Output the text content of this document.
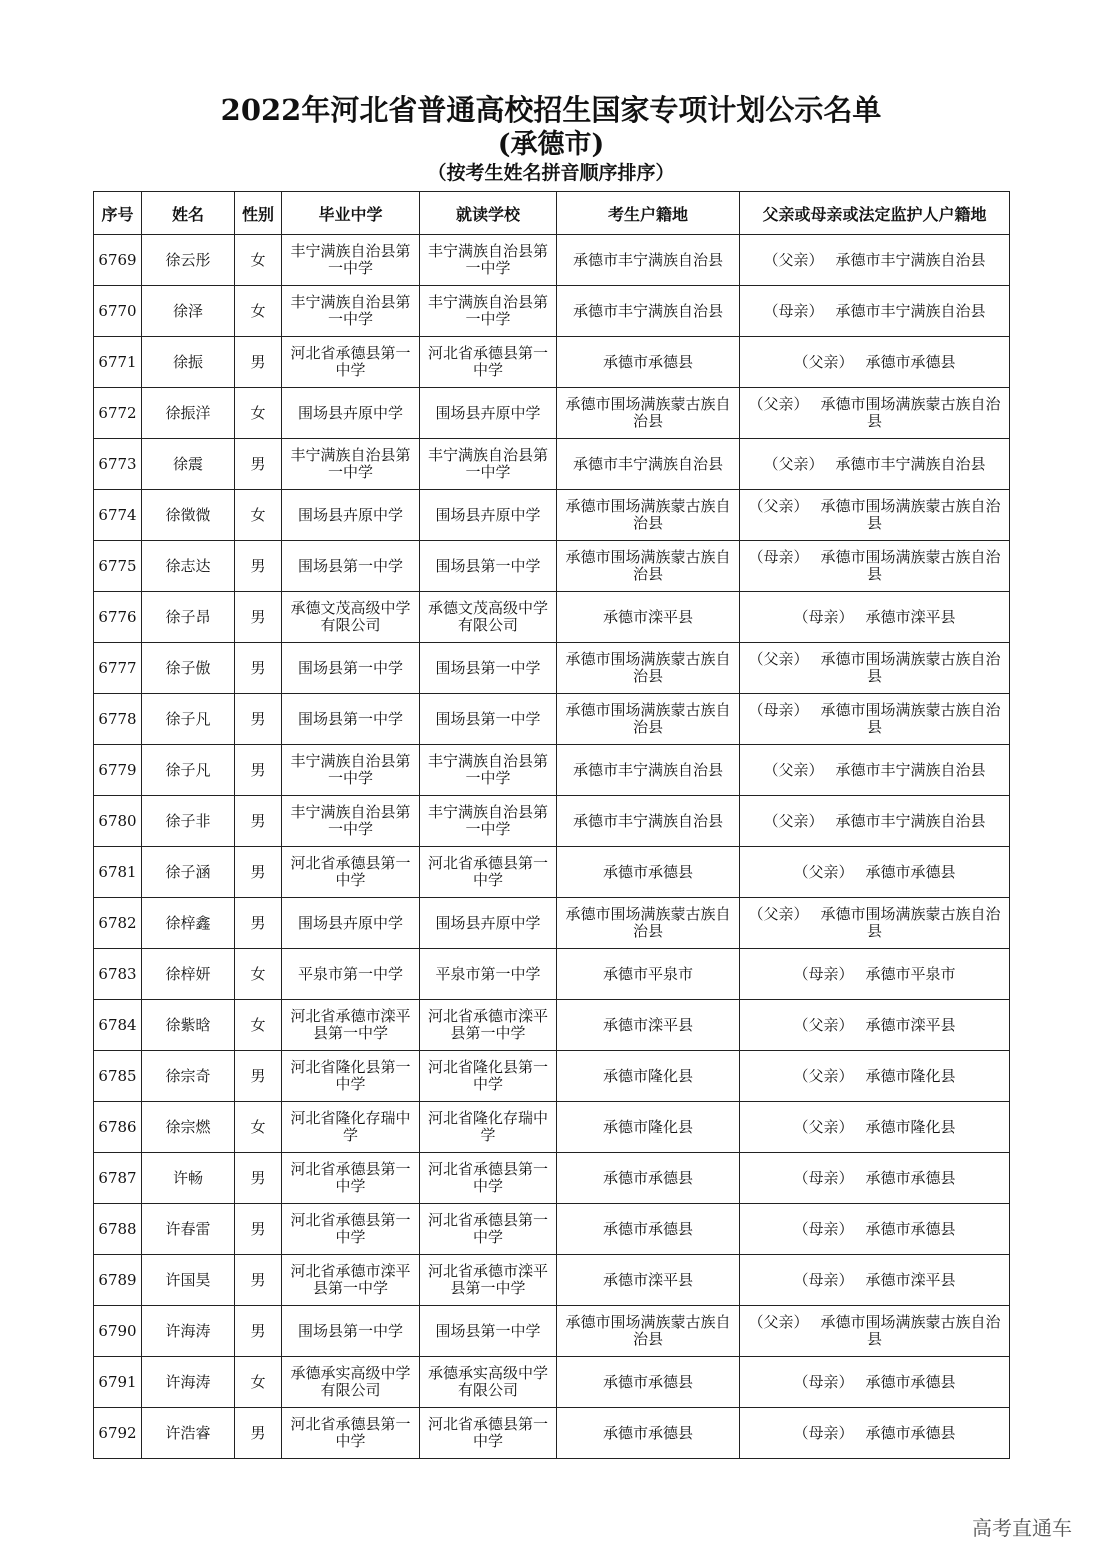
2022年河北省普通高校招生国家专项计划公示名单
(承德市)
（按考生姓名拼音顺序排序）
序号	姓名	性别	毕业中学	就读学校	考生户籍地	父亲或母亲或法定监护人户籍地
6769	徐云彤	女	丰宁满族自治县第一中学	丰宁满族自治县第一中学	承德市丰宁满族自治县	（父亲） 承德市丰宁满族自治县
6770	徐泽	女	丰宁满族自治县第一中学	丰宁满族自治县第一中学	承德市丰宁满族自治县	（母亲） 承德市丰宁满族自治县
6771	徐振	男	河北省承德县第一中学	河北省承德县第一中学	承德市承德县	（父亲） 承德市承德县
6772	徐振洋	女	围场县卉原中学	围场县卉原中学	承德市围场满族蒙古族自治县	（父亲） 承德市围场满族蒙古族自治县
6773	徐震	男	丰宁满族自治县第一中学	丰宁满族自治县第一中学	承德市丰宁满族自治县	（父亲） 承德市丰宁满族自治县
6774	徐徵微	女	围场县卉原中学	围场县卉原中学	承德市围场满族蒙古族自治县	（父亲） 承德市围场满族蒙古族自治县
6775	徐志达	男	围场县第一中学	围场县第一中学	承德市围场满族蒙古族自治县	（母亲） 承德市围场满族蒙古族自治县
6776	徐子昂	男	承德文茂高级中学有限公司	承德文茂高级中学有限公司	承德市滦平县	（母亲） 承德市滦平县
6777	徐子傲	男	围场县第一中学	围场县第一中学	承德市围场满族蒙古族自治县	（父亲） 承德市围场满族蒙古族自治县
6778	徐子凡	男	围场县第一中学	围场县第一中学	承德市围场满族蒙古族自治县	（母亲） 承德市围场满族蒙古族自治县
6779	徐子凡	男	丰宁满族自治县第一中学	丰宁满族自治县第一中学	承德市丰宁满族自治县	（父亲） 承德市丰宁满族自治县
6780	徐子非	男	丰宁满族自治县第一中学	丰宁满族自治县第一中学	承德市丰宁满族自治县	（父亲） 承德市丰宁满族自治县
6781	徐子涵	男	河北省承德县第一中学	河北省承德县第一中学	承德市承德县	（父亲） 承德市承德县
6782	徐梓鑫	男	围场县卉原中学	围场县卉原中学	承德市围场满族蒙古族自治县	（父亲） 承德市围场满族蒙古族自治县
6783	徐梓妍	女	平泉市第一中学	平泉市第一中学	承德市平泉市	（母亲） 承德市平泉市
6784	徐紫晗	女	河北省承德市滦平县第一中学	河北省承德市滦平县第一中学	承德市滦平县	（父亲） 承德市滦平县
6785	徐宗奇	男	河北省隆化县第一中学	河北省隆化县第一中学	承德市隆化县	（父亲） 承德市隆化县
6786	徐宗燃	女	河北省隆化存瑞中学	河北省隆化存瑞中学	承德市隆化县	（父亲） 承德市隆化县
6787	许畅	男	河北省承德县第一中学	河北省承德县第一中学	承德市承德县	（母亲） 承德市承德县
6788	许春雷	男	河北省承德县第一中学	河北省承德县第一中学	承德市承德县	（母亲） 承德市承德县
6789	许国昊	男	河北省承德市滦平县第一中学	河北省承德市滦平县第一中学	承德市滦平县	（母亲） 承德市滦平县
6790	许海涛	男	围场县第一中学	围场县第一中学	承德市围场满族蒙古族自治县	（父亲） 承德市围场满族蒙古族自治县
6791	许海涛	女	承德承实高级中学有限公司	承德承实高级中学有限公司	承德市承德县	（母亲） 承德市承德县
6792	许浩睿	男	河北省承德县第一中学	河北省承德县第一中学	承德市承德县	（母亲） 承德市承德县
高考直通车
